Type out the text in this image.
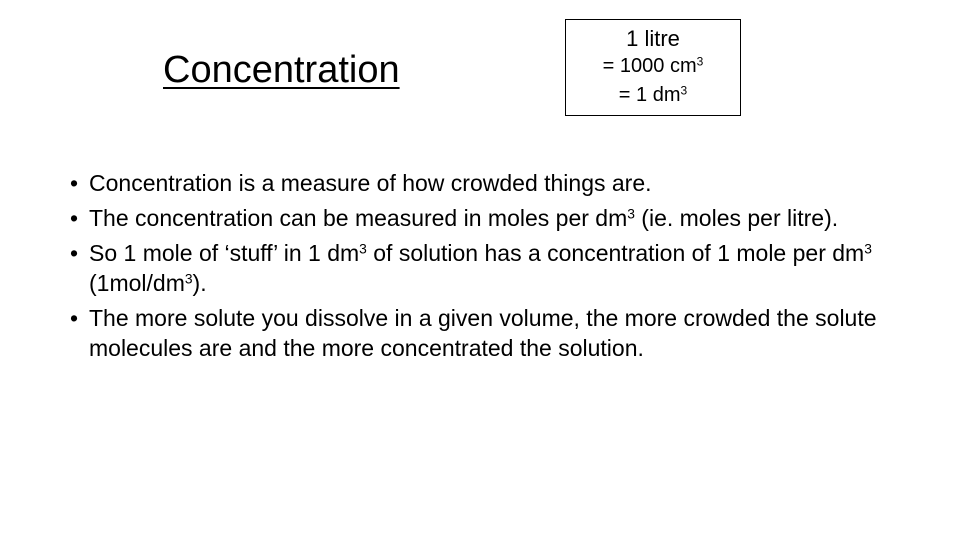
Concentration
1 litre
= 1000 $cm^3$
= 1 $dm^3$
• Concentration is a measure of how crowded things are.
• The concentration can be measured in moles per $dm^3$ (ie. moles per litre).
• So 1 mole of ‘stuff’ in 1 $dm^3$ of solution has a concentration of 1 mole per $dm^3$ $(1mol/dm^3)$.
• The more solute you dissolve in a given volume, the more crowded the solute molecules are and the more concentrated the solution.
